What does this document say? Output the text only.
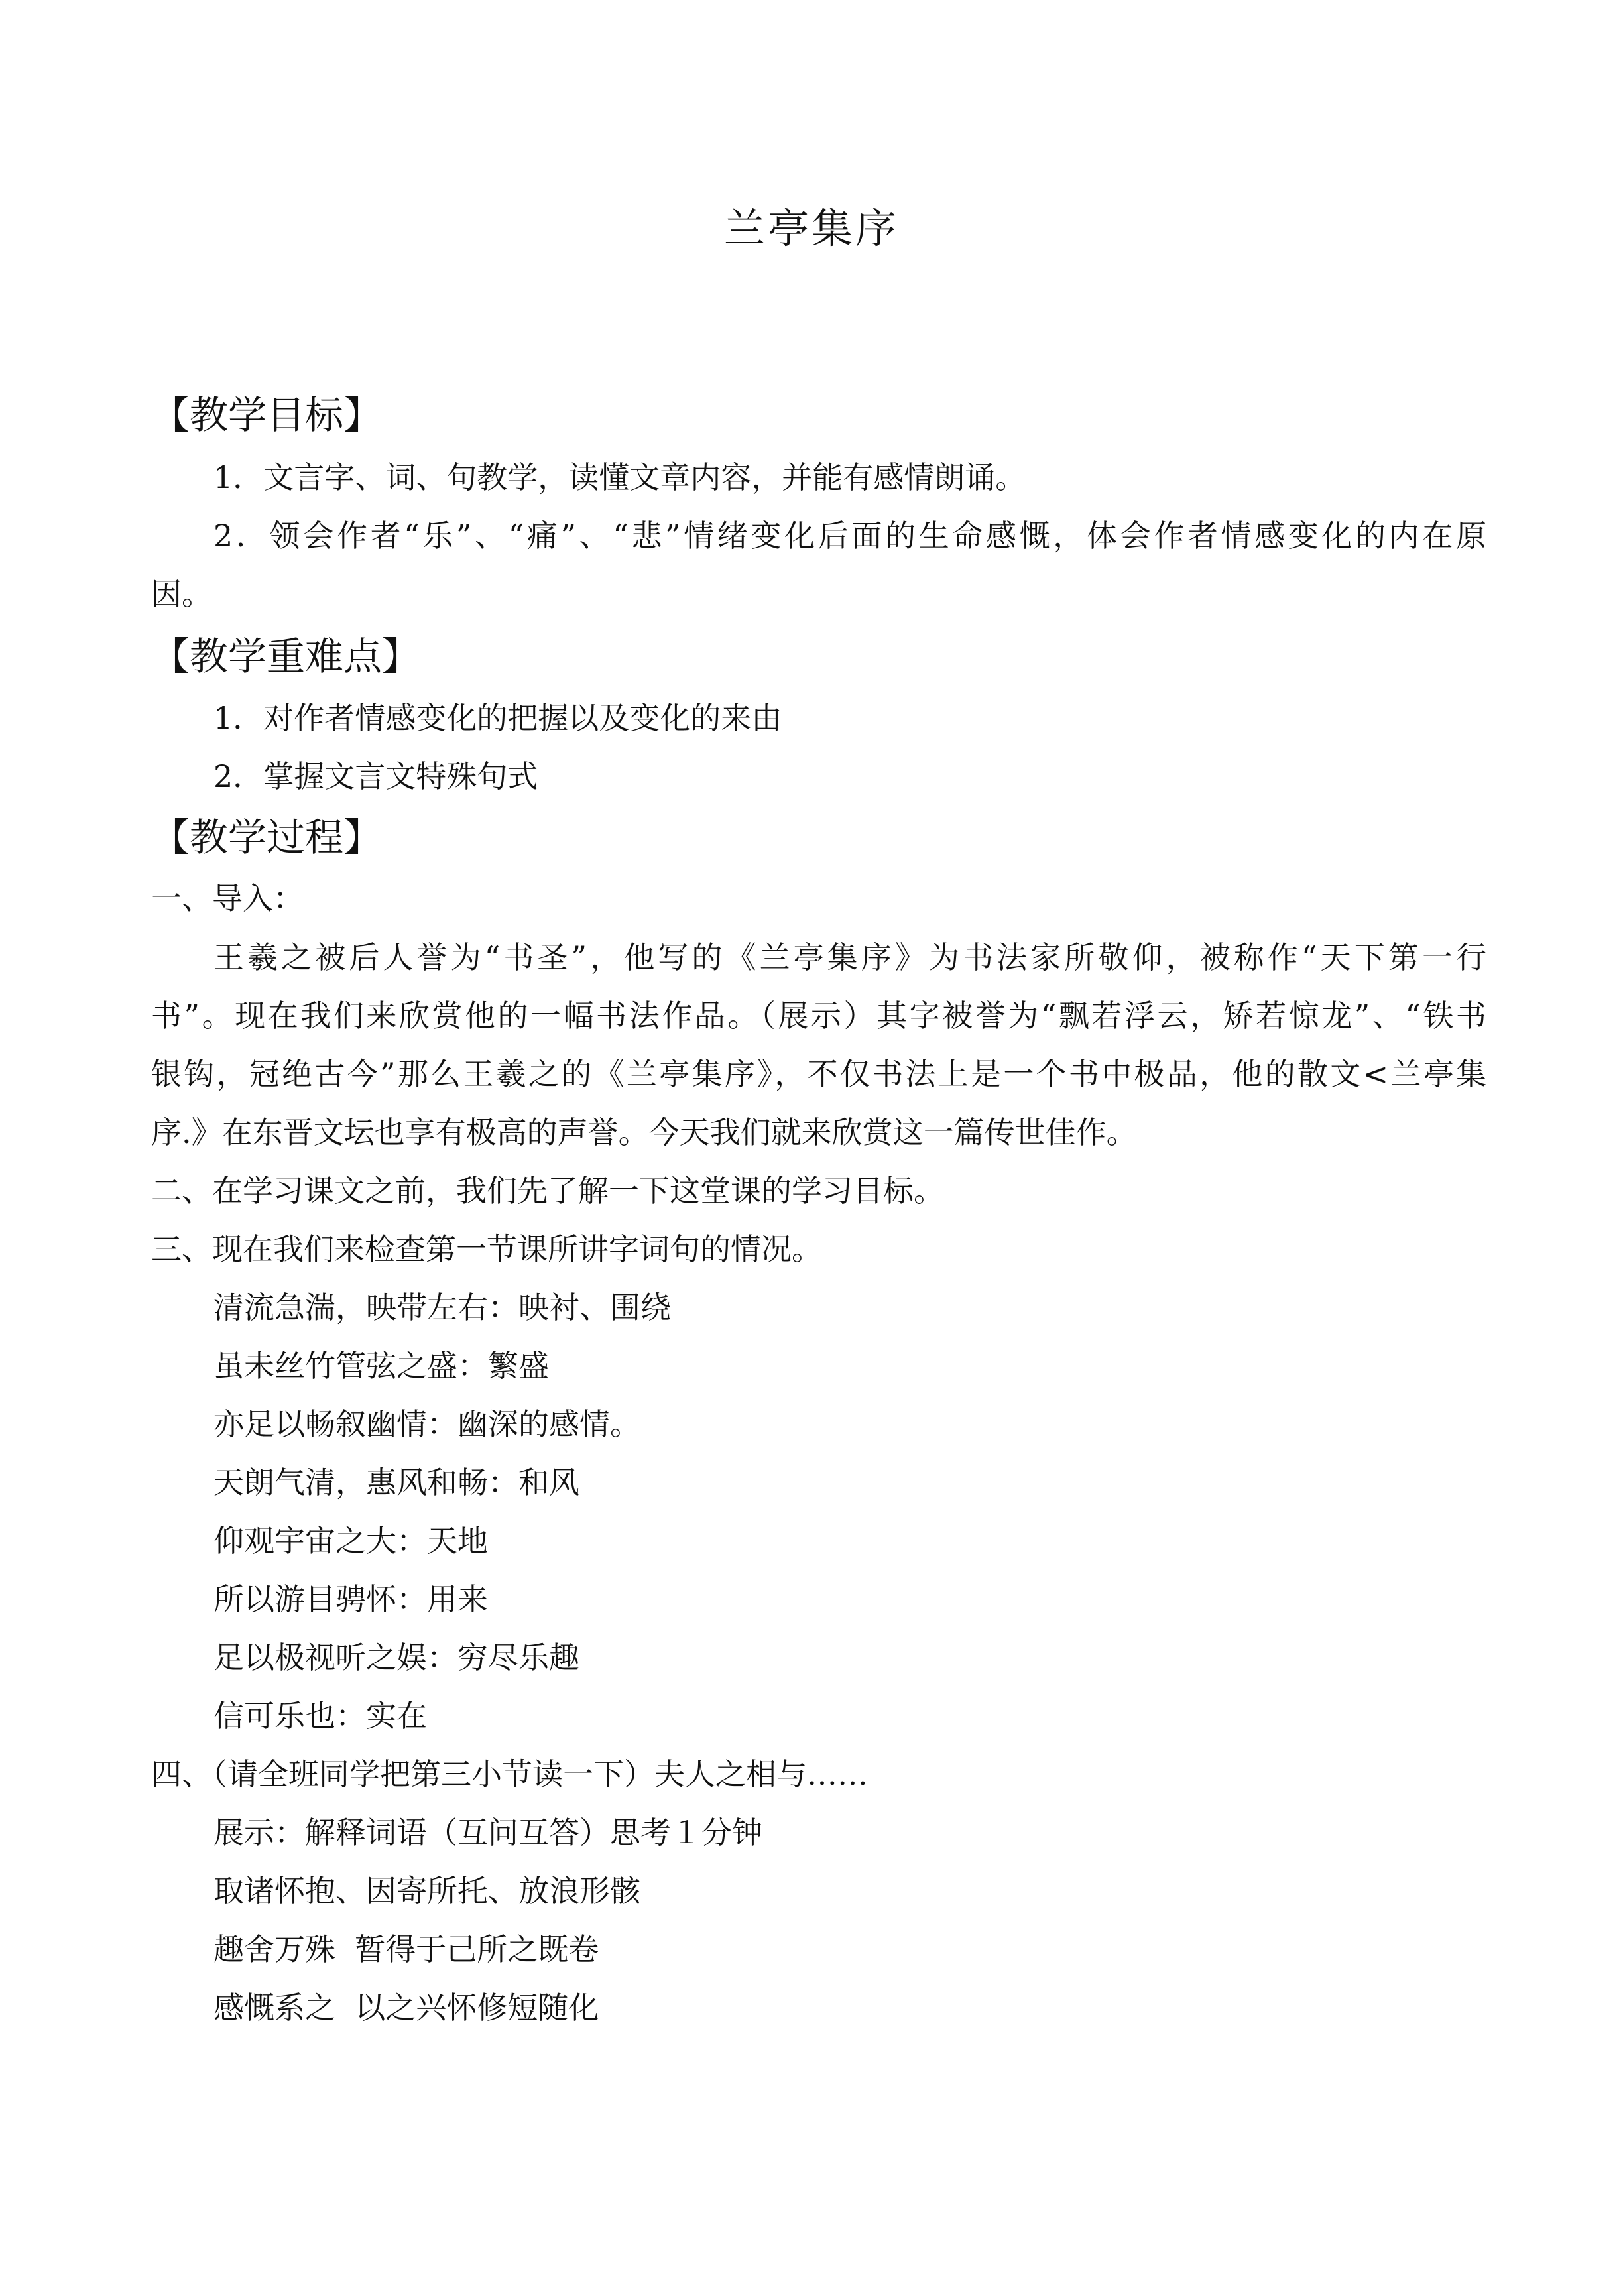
兰亭集序
【教学目标】
1．文言字、词、句教学，读懂文章内容，并能有感情朗诵。
2．领会作者“乐”、“痛”、“悲”情绪变化后面的生命感慨，体会作者情感变化的内在原
因。
【教学重难点】
1．对作者情感变化的把握以及变化的来由
2．掌握文言文特殊句式
【教学过程】
一、导入：
王羲之被后人誉为“书圣”，他写的《兰亭集序》为书法家所敬仰，被称作“天下第一行
书”。现在我们来欣赏他的一幅书法作品。（展示）其字被誉为“飘若浮云，矫若惊龙”、“铁书
银钩，冠绝古今”那么王羲之的《兰亭集序》，不仅书法上是一个书中极品，他的散文<兰亭集
序.》在东晋文坛也享有极高的声誉。今天我们就来欣赏这一篇传世佳作。
二、在学习课文之前，我们先了解一下这堂课的学习目标。
三、现在我们来检查第一节课所讲字词句的情况。
清流急湍，映带左右：映衬、围绕
虽未丝竹管弦之盛：繁盛
亦足以畅叙幽情：幽深的感情。
天朗气清，惠风和畅：和风
仰观宇宙之大：天地
所以游目骋怀：用来
足以极视听之娱：穷尽乐趣
信可乐也：实在
四、（请全班同学把第三小节读一下）夫人之相与……
展示：解释词语（互问互答）思考１分钟
取诸怀抱、因寄所托、放浪形骸
趣舍万殊  暂得于己所之既卷
感慨系之  以之兴怀修短随化
